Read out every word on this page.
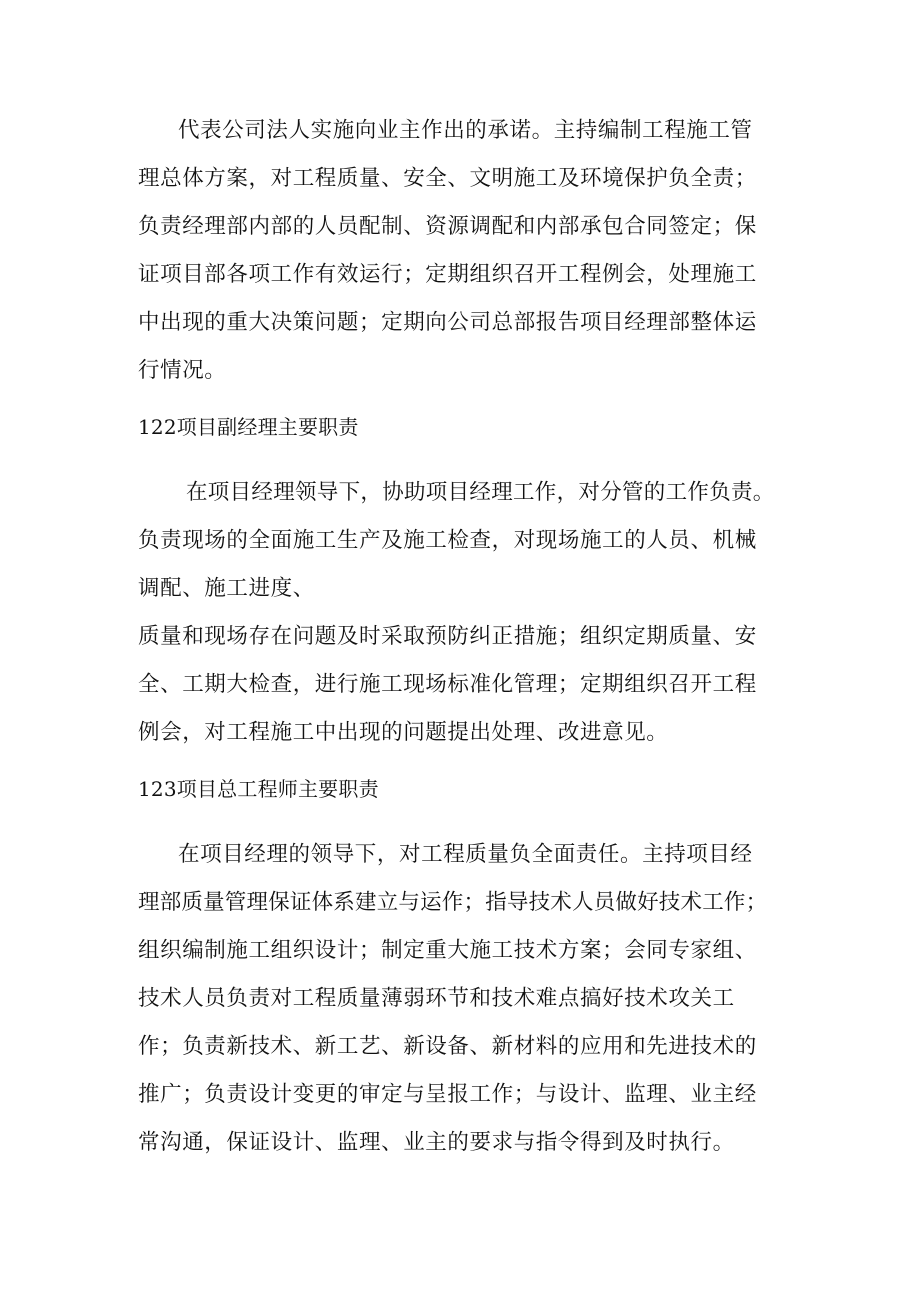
代表公司法人实施向业主作出的承诺。主持编制工程施工管
理总体方案，对工程质量、安全、文明施工及环境保护负全责；
负责经理部内部的人员配制、资源调配和内部承包合同签定；保
证项目部各项工作有效运行；定期组织召开工程例会，处理施工
中出现的重大决策问题；定期向公司总部报告项目经理部整体运
行情况。
122项目副经理主要职责
在项目经理领导下，协助项目经理工作，对分管的工作负责。
负责现场的全面施工生产及施工检查，对现场施工的人员、机械
调配、施工进度、
质量和现场存在问题及时采取预防纠正措施；组织定期质量、安
全、工期大检查，进行施工现场标准化管理；定期组织召开工程
例会，对工程施工中出现的问题提出处理、改进意见。
123项目总工程师主要职责
在项目经理的领导下，对工程质量负全面责任。主持项目经
理部质量管理保证体系建立与运作；指导技术人员做好技术工作；
组织编制施工组织设计；制定重大施工技术方案；会同专家组、
技术人员负责对工程质量薄弱环节和技术难点搞好技术攻关工
作；负责新技术、新工艺、新设备、新材料的应用和先进技术的
推广；负责设计变更的审定与呈报工作；与设计、监理、业主经
常沟通，保证设计、监理、业主的要求与指令得到及时执行。
